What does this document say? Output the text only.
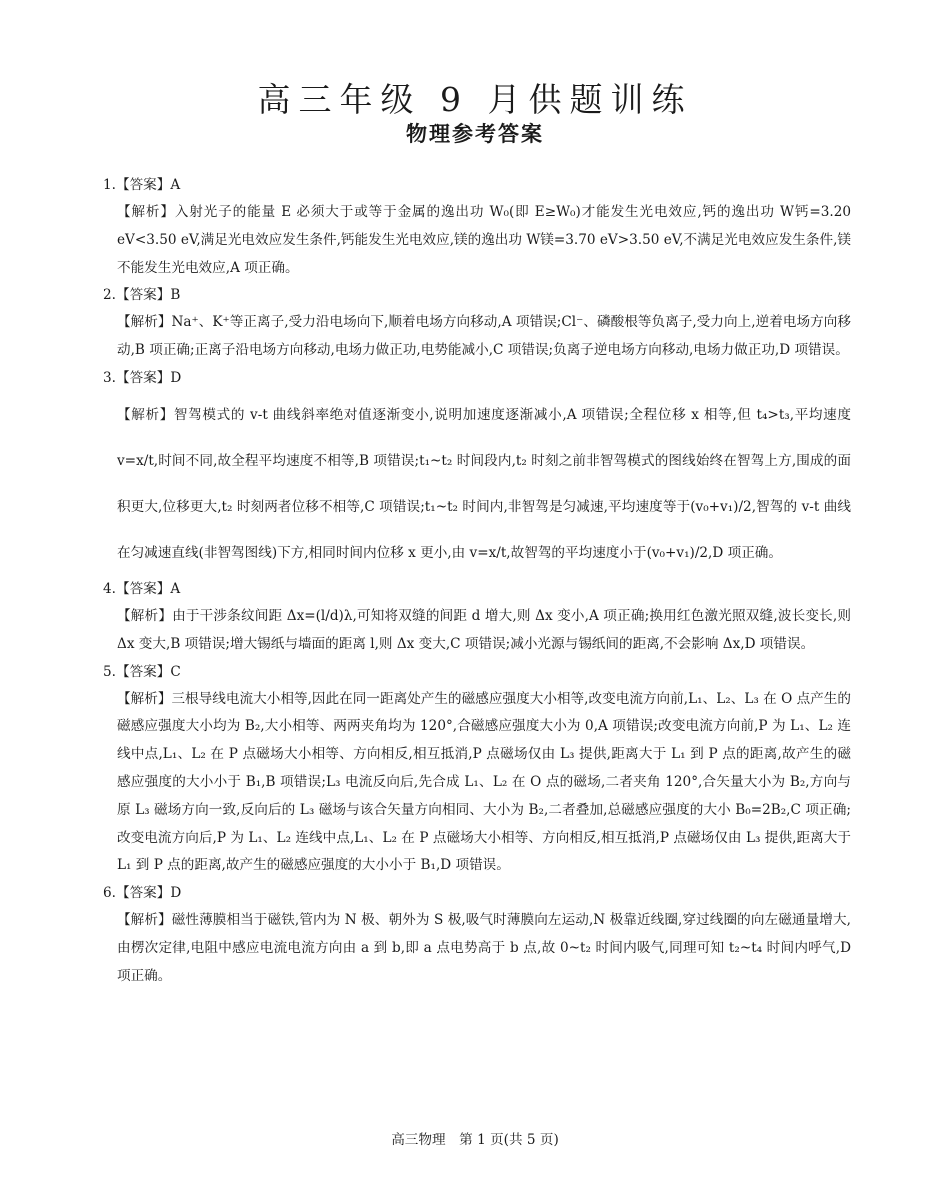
高三年级 9 月供题训练
物理参考答案
1.【答案】A
【解析】入射光子的能量 E 必须大于或等于金属的逸出功 W₀(即 E≥W₀)才能发生光电效应,钙的逸出功 W钙=3.20 eV<3.50 eV,满足光电效应发生条件,钙能发生光电效应,镁的逸出功 W镁=3.70 eV>3.50 eV,不满足光电效应发生条件,镁不能发生光电效应,A 项正确。
2.【答案】B
【解析】Na⁺、K⁺等正离子,受力沿电场向下,顺着电场方向移动,A 项错误;Cl⁻、磷酸根等负离子,受力向上,逆着电场方向移动,B 项正确;正离子沿电场方向移动,电场力做正功,电势能减小,C 项错误;负离子逆电场方向移动,电场力做正功,D 项错误。
3.【答案】D
【解析】智驾模式的 v-t 曲线斜率绝对值逐渐变小,说明加速度逐渐减小,A 项错误;全程位移 x 相等,但 t₄>t₃,平均速度 v=x/t,时间不同,故全程平均速度不相等,B 项错误;t₁~t₂ 时间段内,t₂ 时刻之前非智驾模式的图线始终在智驾上方,围成的面积更大,位移更大,t₂ 时刻两者位移不相等,C 项错误;t₁~t₂ 时间内,非智驾是匀减速,平均速度等于(v₀+v₁)/2,智驾的 v-t 曲线在匀减速直线(非智驾图线)下方,相同时间内位移 x 更小,由 v=x/t,故智驾的平均速度小于(v₀+v₁)/2,D 项正确。
4.【答案】A
【解析】由于干涉条纹间距 Δx=(l/d)λ,可知将双缝的间距 d 增大,则 Δx 变小,A 项正确;换用红色激光照双缝,波长变长,则 Δx 变大,B 项错误;增大锡纸与墙面的距离 l,则 Δx 变大,C 项错误;减小光源与锡纸间的距离,不会影响 Δx,D 项错误。
5.【答案】C
【解析】三根导线电流大小相等,因此在同一距离处产生的磁感应强度大小相等,改变电流方向前,L₁、L₂、L₃ 在 O 点产生的磁感应强度大小均为 B₂,大小相等、两两夹角均为 120°,合磁感应强度大小为 0,A 项错误;改变电流方向前,P 为 L₁、L₂ 连线中点,L₁、L₂ 在 P 点磁场大小相等、方向相反,相互抵消,P 点磁场仅由 L₃ 提供,距离大于 L₁ 到 P 点的距离,故产生的磁感应强度的大小小于 B₁,B 项错误;L₃ 电流反向后,先合成 L₁、L₂ 在 O 点的磁场,二者夹角 120°,合矢量大小为 B₂,方向与原 L₃ 磁场方向一致,反向后的 L₃ 磁场与该合矢量方向相同、大小为 B₂,二者叠加,总磁感应强度的大小 B₀=2B₂,C 项正确;改变电流方向后,P 为 L₁、L₂ 连线中点,L₁、L₂ 在 P 点磁场大小相等、方向相反,相互抵消,P 点磁场仅由 L₃ 提供,距离大于 L₁ 到 P 点的距离,故产生的磁感应强度的大小小于 B₁,D 项错误。
6.【答案】D
【解析】磁性薄膜相当于磁铁,管内为 N 极、朝外为 S 极,吸气时薄膜向左运动,N 极靠近线圈,穿过线圈的向左磁通量增大,由楞次定律,电阻中感应电流电流方向由 a 到 b,即 a 点电势高于 b 点,故 0~t₂ 时间内吸气,同理可知 t₂~t₄ 时间内呼气,D 项正确。
高三物理　第 1 页(共 5 页)
